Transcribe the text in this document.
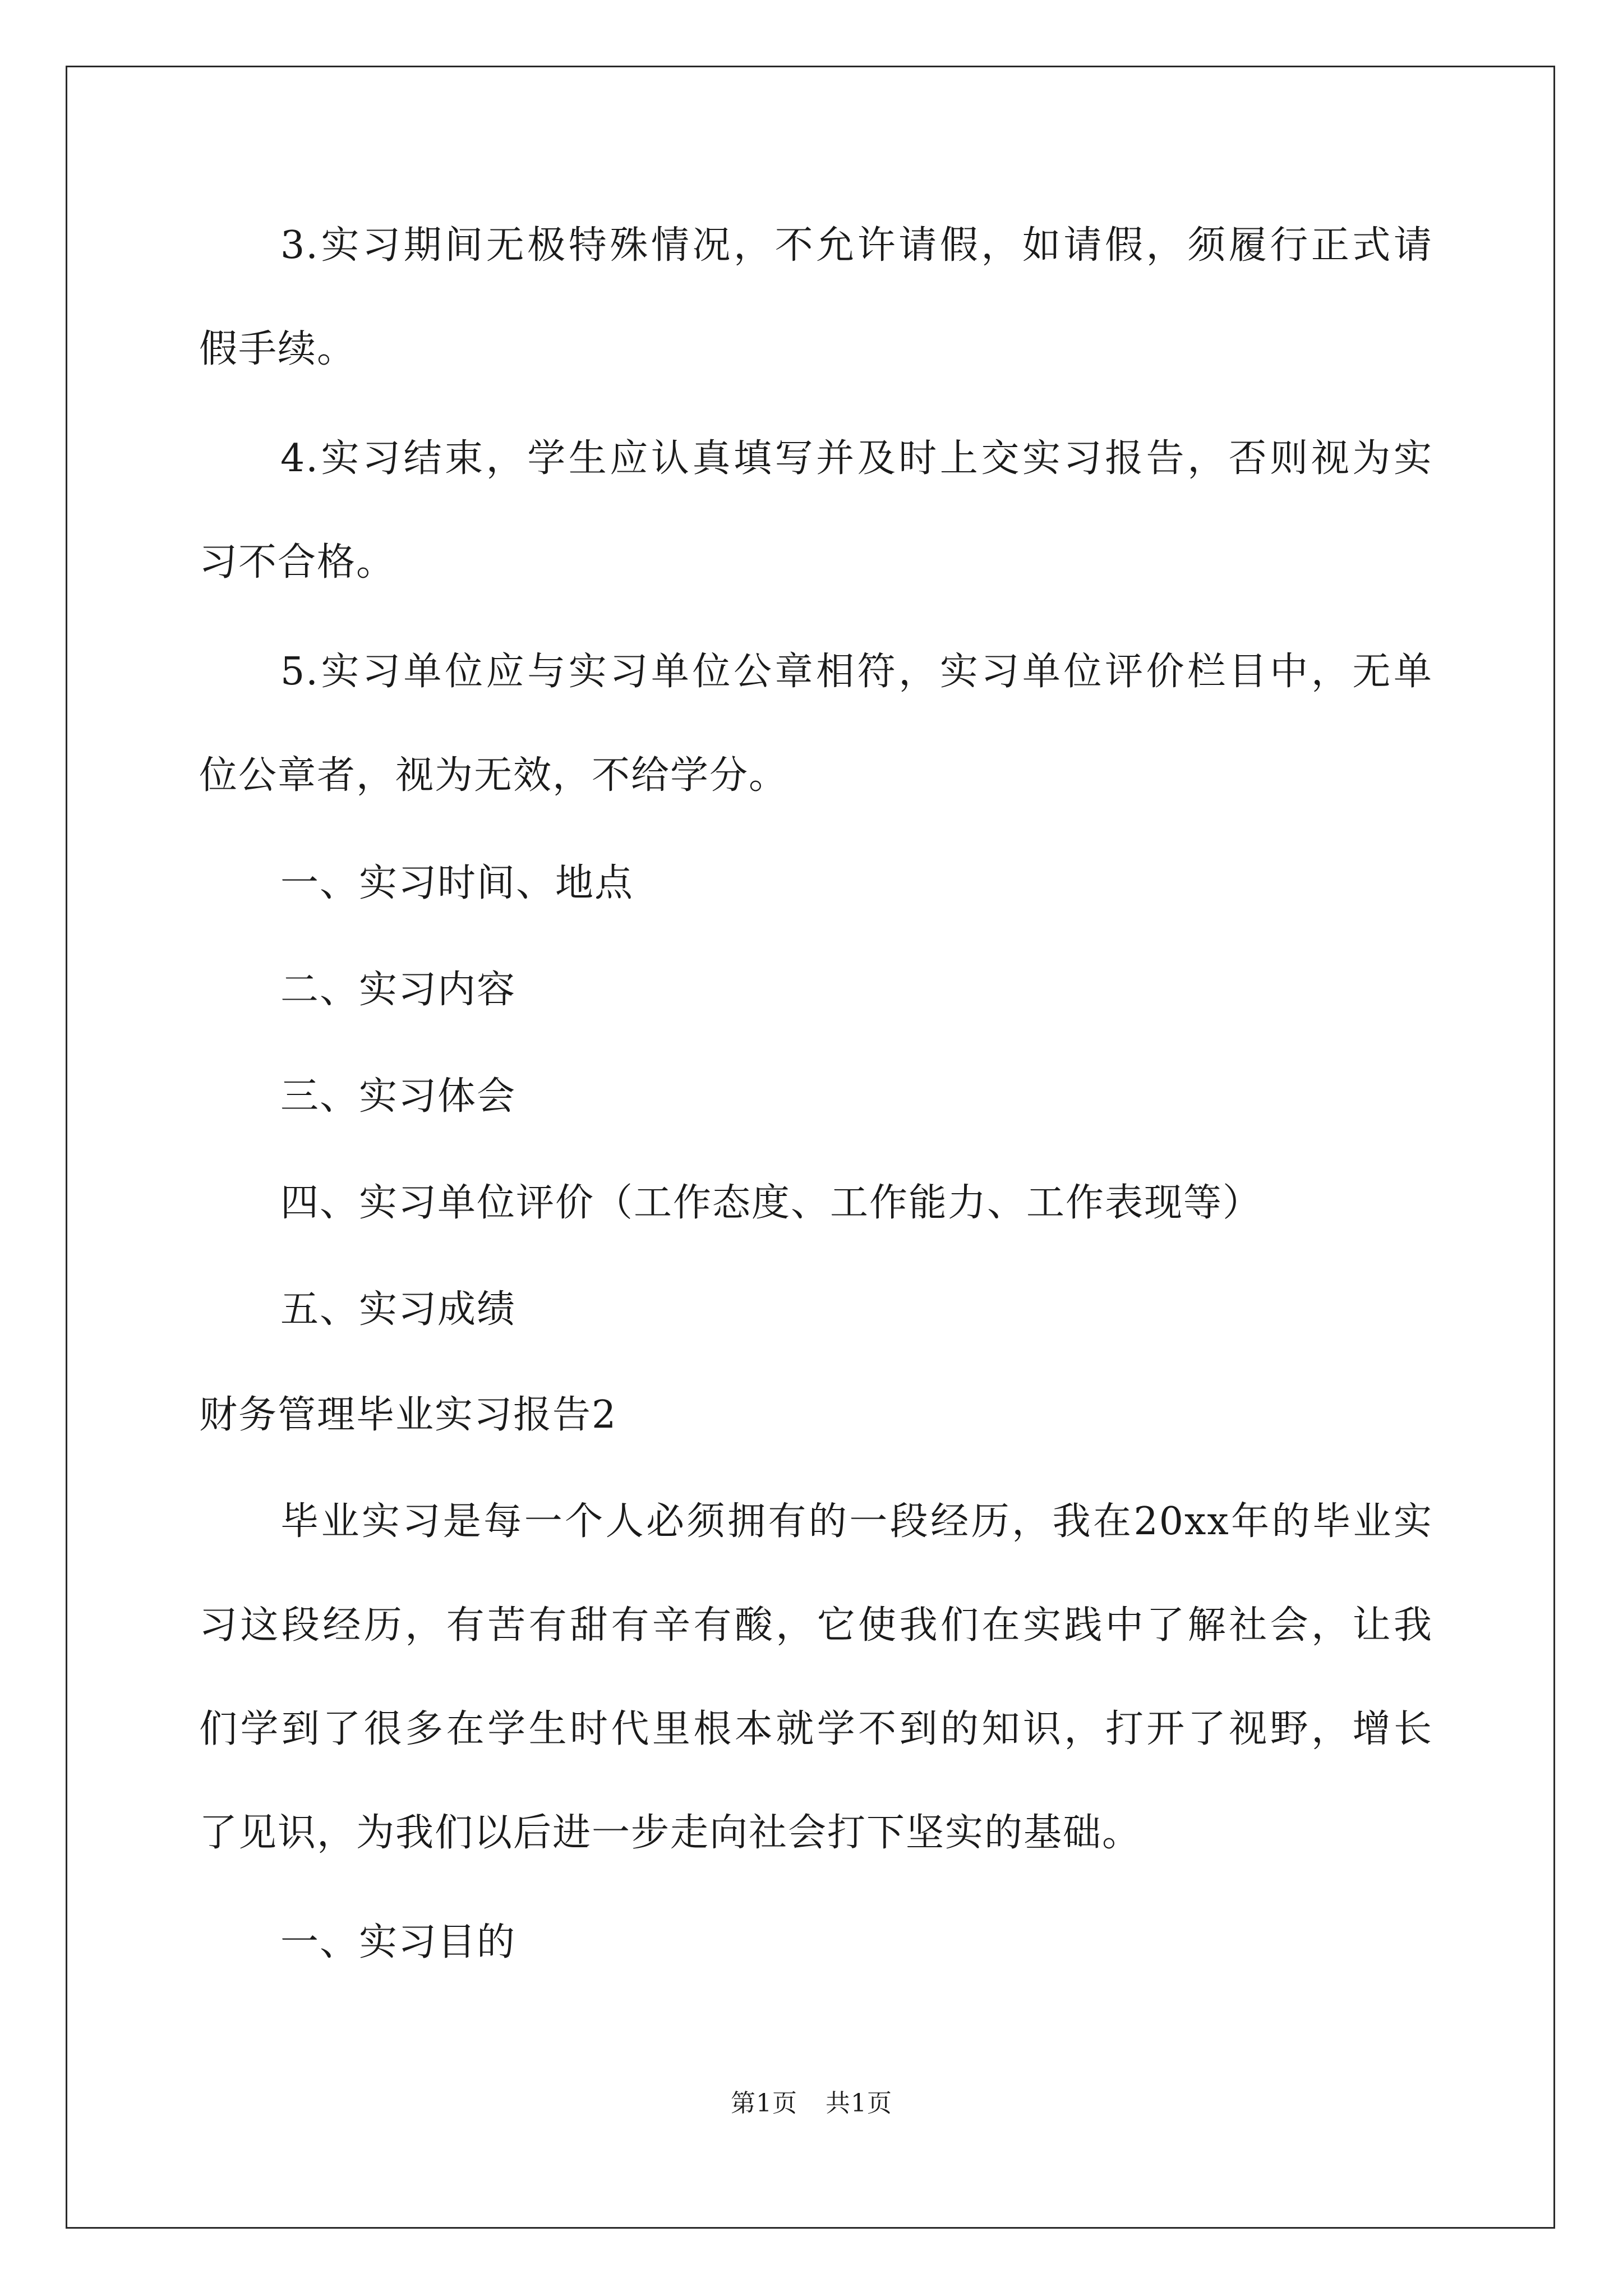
3.实习期间无极特殊情况，不允许请假，如请假，须履行正式请
假手续。
4.实习结束，学生应认真填写并及时上交实习报告，否则视为实
习不合格。
5.实习单位应与实习单位公章相符，实习单位评价栏目中，无单
位公章者，视为无效，不给学分。
一、实习时间、地点
二、实习内容
三、实习体会
四、实习单位评价（工作态度、工作能力、工作表现等）
五、实习成绩
财务管理毕业实习报告2
毕业实习是每一个人必须拥有的一段经历，我在20xx年的毕业实
习这段经历，有苦有甜有辛有酸，它使我们在实践中了解社会，让我
们学到了很多在学生时代里根本就学不到的知识，打开了视野，增长
了见识，为我们以后进一步走向社会打下坚实的基础。
一、实习目的
第1页 共1页
